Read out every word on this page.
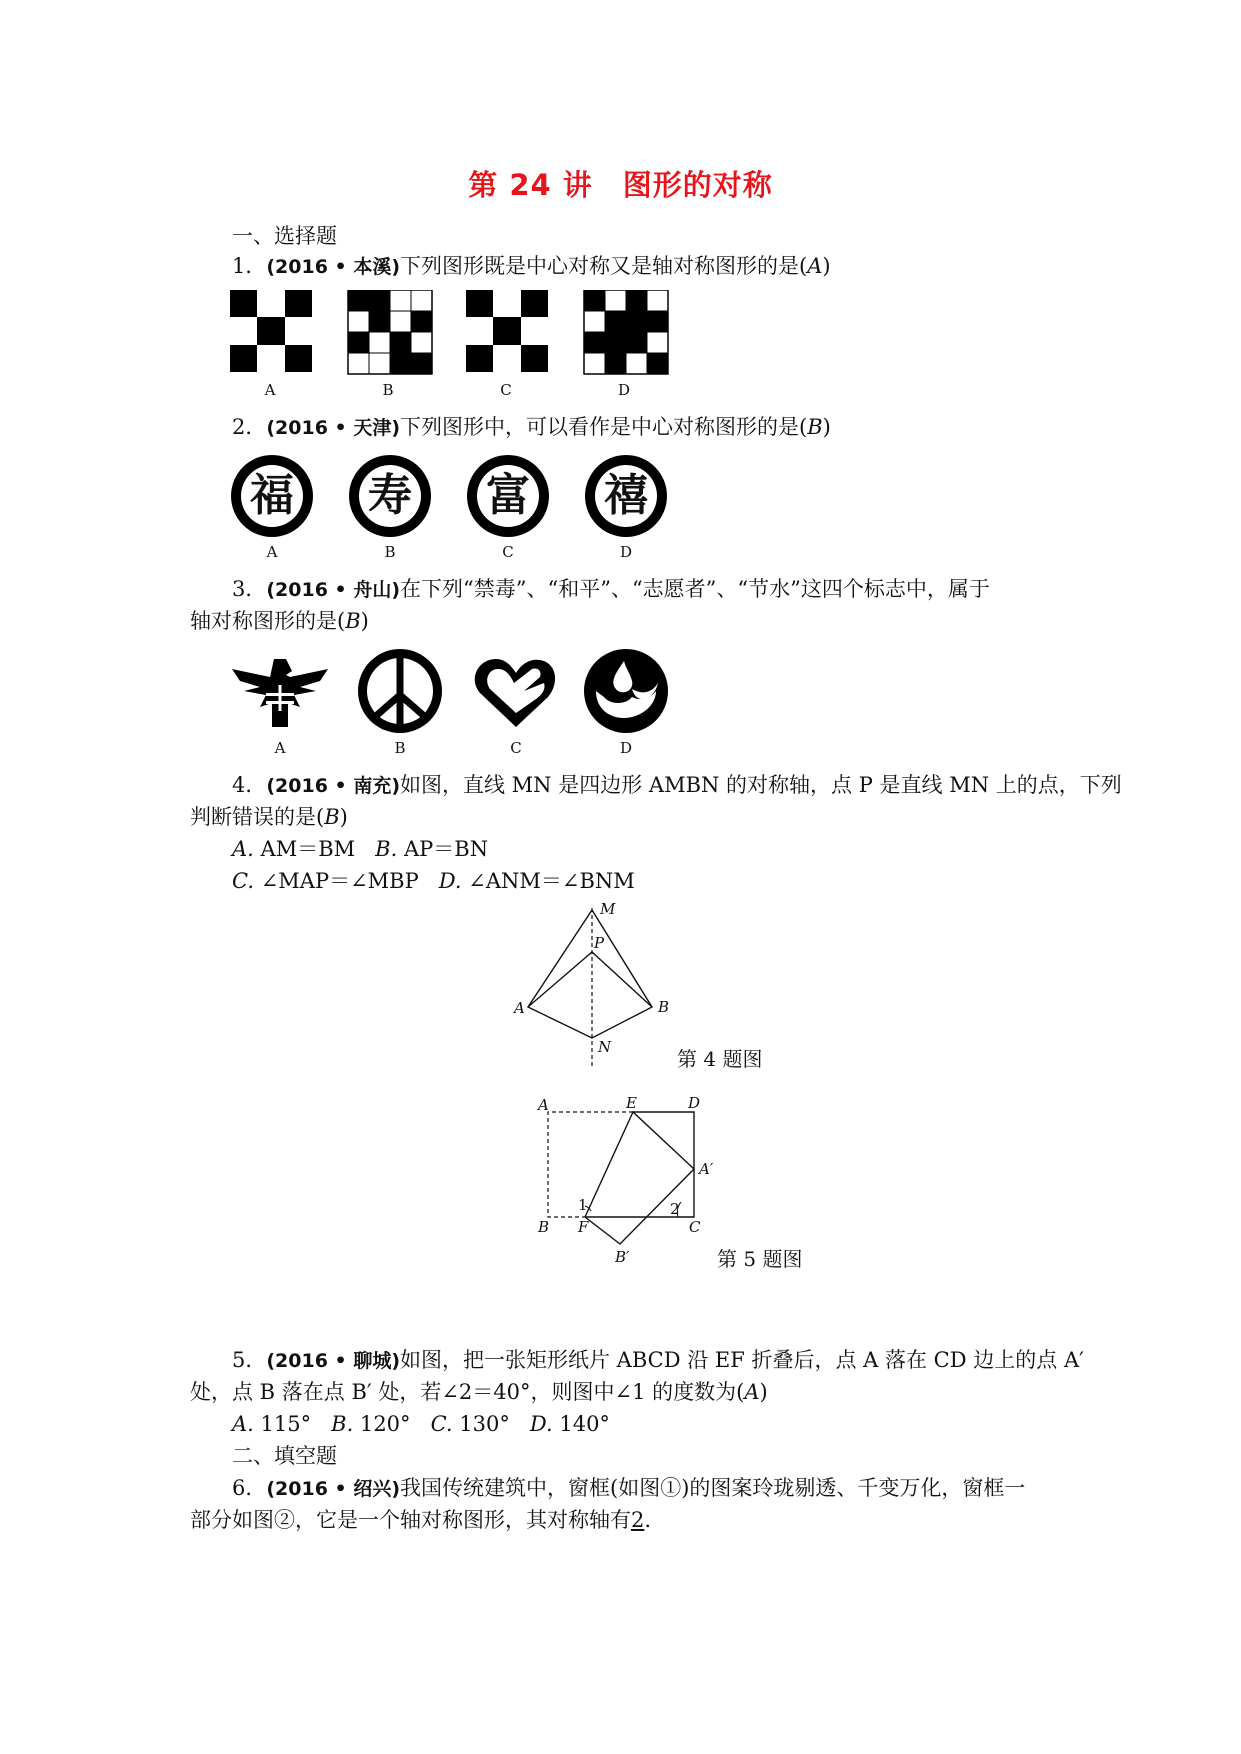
第 24 讲　图形的对称
一、选择题
1．(2016 • 本溪)下列图形既是中心对称又是轴对称图形的是(A)
A	B	C	D
2．(2016 • 天津)下列图形中，可以看作是中心对称图形的是(B)
福 寿 富 禧
A	B	C	D
3．(2016 • 舟山)在下列“禁毒”、“和平”、“志愿者”、“节水”这四个标志中，属于
轴对称图形的是(B)
A	B	C	D
4．(2016 • 南充)如图，直线 MN 是四边形 AMBN 的对称轴，点 P 是直线 MN 上的点，下列
判断错误的是(B)
A. AM＝BM B. AP＝BN
C. ∠MAP＝∠MBP D. ∠ANM＝∠BNM
M
P
A	B
N	第 4 题图
A	E	D
A′
B F	C
B′
1	2
第 5 题图
5．(2016 • 聊城)如图，把一张矩形纸片 ABCD 沿 EF 折叠后，点 A 落在 CD 边上的点 A′
处，点 B 落在点 B′ 处，若∠2＝40°，则图中∠1 的度数为(A)
A. 115° B. 120° C. 130° D. 140°
二、填空题
6．(2016 • 绍兴)我国传统建筑中，窗框(如图①)的图案玲珑剔透、千变万化，窗框一
部分如图②，它是一个轴对称图形，其对称轴有2.
